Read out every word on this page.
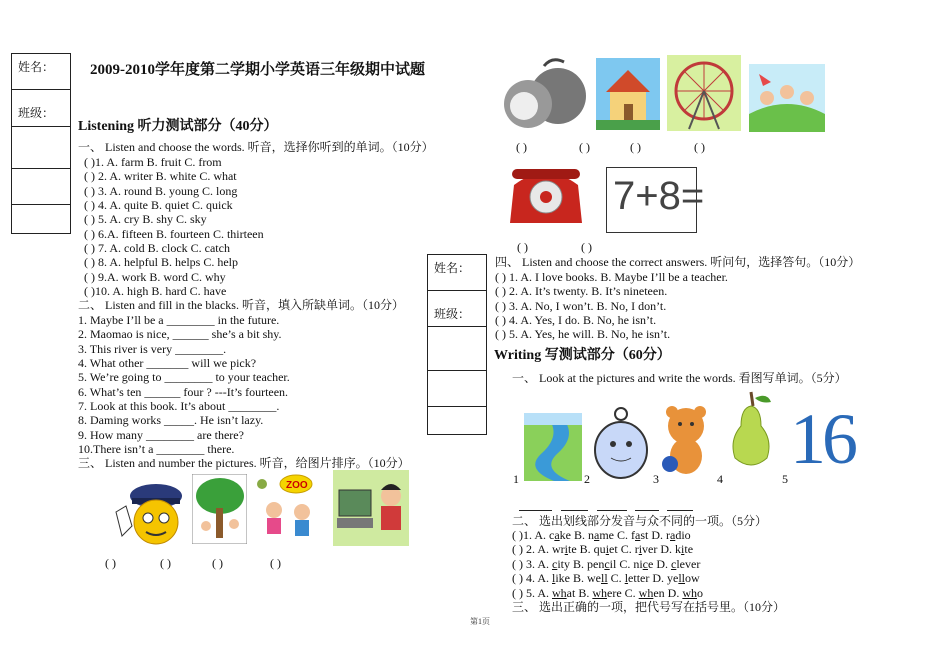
姓名：
班级：
2009-2010学年度第二学期小学英语三年级期中试题
Listening 听力测试部分（40分）
一、 Listen and choose the words. 听音，选择你听到的单词。（10分）
( )1. A. farm B. fruit C. from
( ) 2. A. writer B. white C. what
( ) 3. A. round B. young C. long
( ) 4. A. quite B. quiet C. quick
( ) 5. A. cry B. shy C. sky
( ) 6.A. fifteen B. fourteen C. thirteen
( ) 7. A. cold B. clock C. catch
( ) 8. A. helpful B. helps C. help
( ) 9.A. work B. word C. why
( )10. A. high B. hard C. have
二、 Listen and fill in the blacks. 听音，填入所缺单词。（10分）
1. Maybe I’ll be a ________ in the future.
2. Maomao is nice, ______ she’s a bit shy.
3. This river is very ________.
4. What other _______ will we pick?
5. We’re going to ________ to your teacher.
6. What’s ten ______ four ? ---It’s fourteen.
7. Look at this book. It’s about ________.
8. Daming works _____. He isn’t lazy.
9. How many ________ are there?
10.There isn’t a ________ there.
三、 Listen and number the pictures. 听音，给图片排序。（10分）
ZOO
( )	( )	( )	( )
姓名：
班级：
( )	( )	( )	( )
7+8=
( )	( )
四、 Listen and choose the correct answers. 听问句，选择答句。（10分）
( ) 1. A. I love books. B. Maybe I’ll be a teacher.
( ) 2. A. It’s twenty. B. It’s nineteen.
( ) 3. A. No, I won’t. B. No, I don’t.
( ) 4. A. Yes, I do. B. No, he isn’t.
( ) 5. A. Yes, he will. B. No, he isn’t.
Writing 写测试部分（60分）
一、 Look at the pictures and write the words. 看图写单词。（5分）
16
1	2	3	4	5
二、 选出划线部分发音与众不同的一项。（5分）
( )1. A. cake B. name C. fast D. radio
( ) 2. A. write B. quiet C. river D. kite
( ) 3. A. city B. pencil C. nice D. clever
( ) 4. A. like B. well C. letter D. yellow
( ) 5. A. what B. where C. when D. who
三、 选出正确的一项，把代号写在括号里。（10分）
第1页
